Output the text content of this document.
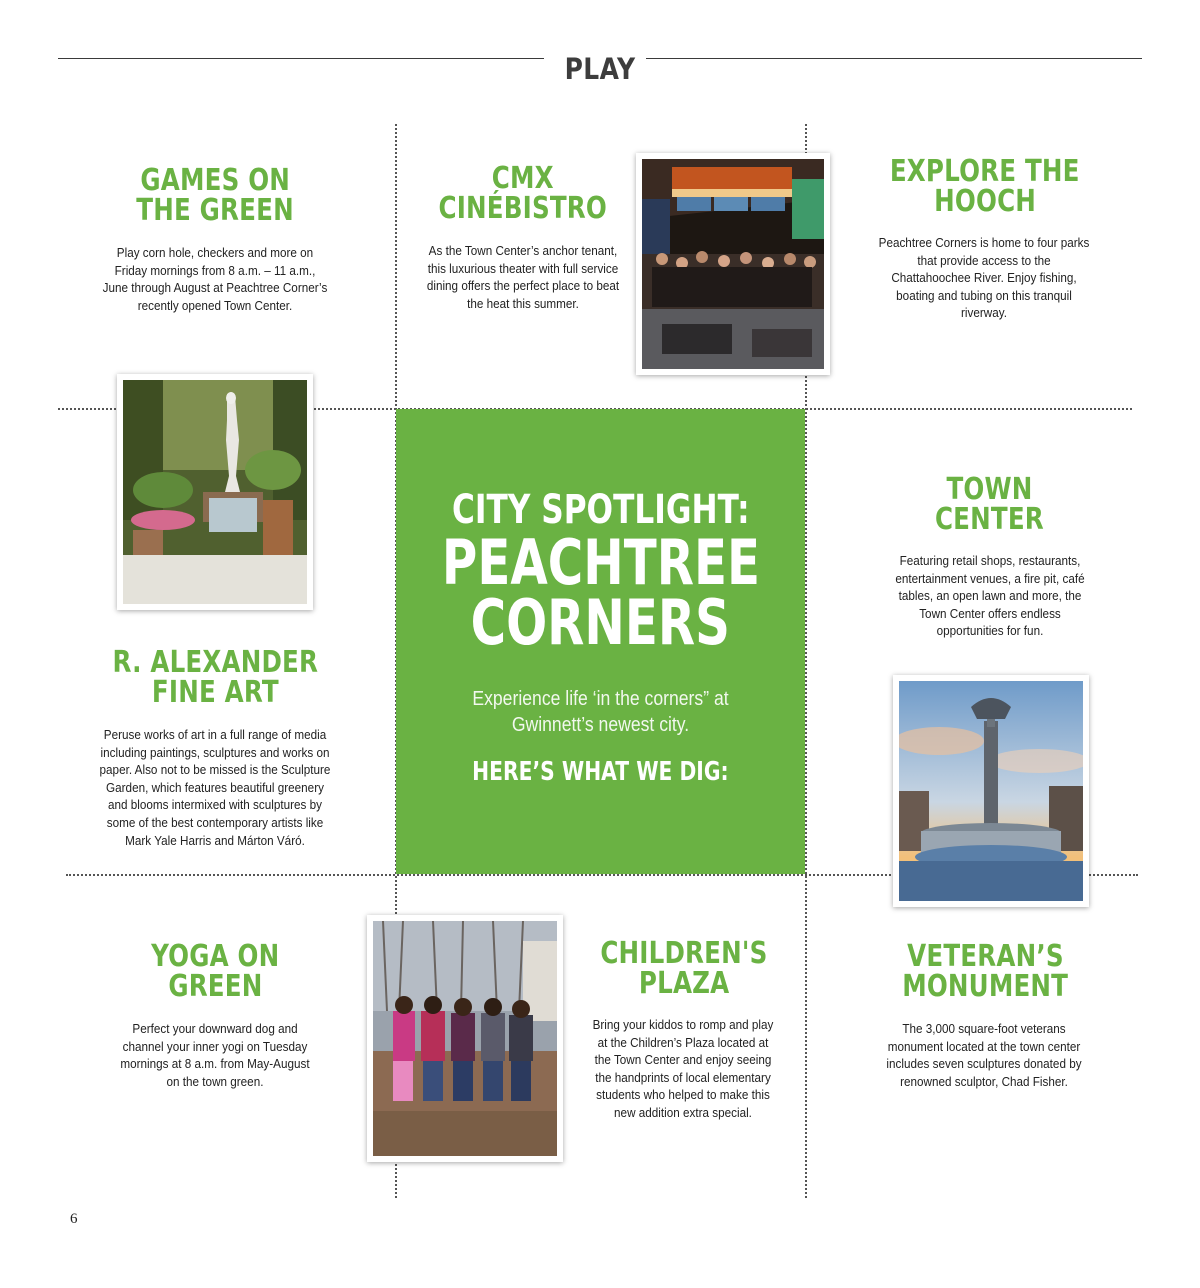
PLAY
GAMES ON
THE GREEN
Play corn hole, checkers and more on Friday mornings from 8 a.m. – 11 a.m., June through August at Peachtree Corner’s recently opened Town Center.
CMX
CINÉBISTRO
As the Town Center’s anchor tenant, this luxurious theater with full service dining offers the perfect place to beat the heat this summer.
EXPLORE THE
HOOCH
Peachtree Corners is home to four parks that provide access to the Chattahoochee River. Enjoy fishing, boating and tubing on this tranquil riverway.
R. ALEXANDER
FINE ART
Peruse works of art in a full range of media including paintings, sculptures and works on paper. Also not to be missed is the Sculpture Garden, which features beautiful greenery and blooms intermixed with sculptures by some of the best contemporary artists like Mark Yale Harris and Márton Váró.
CITY SPOTLIGHT:
PEACHTREE
CORNERS
Experience life ‘in the corners” at Gwinnett’s newest city.
HERE’S WHAT WE DIG:
TOWN
CENTER
Featuring retail shops, restaurants, entertainment venues, a fire pit, café tables, an open lawn and more, the Town Center offers endless opportunities for fun.
YOGA ON
GREEN
Perfect your downward dog and channel your inner yogi on Tuesday mornings at 8 a.m. from May-August on the town green.
CHILDREN'S
PLAZA
Bring your kiddos to romp and play at the Children’s Plaza located at the Town Center and enjoy seeing the handprints of local elementary students who helped to make this new addition extra special.
VETERAN’S
MONUMENT
The 3,000 square-foot veterans monument located at the town center includes seven sculptures donated by renowned sculptor, Chad Fisher.
6
